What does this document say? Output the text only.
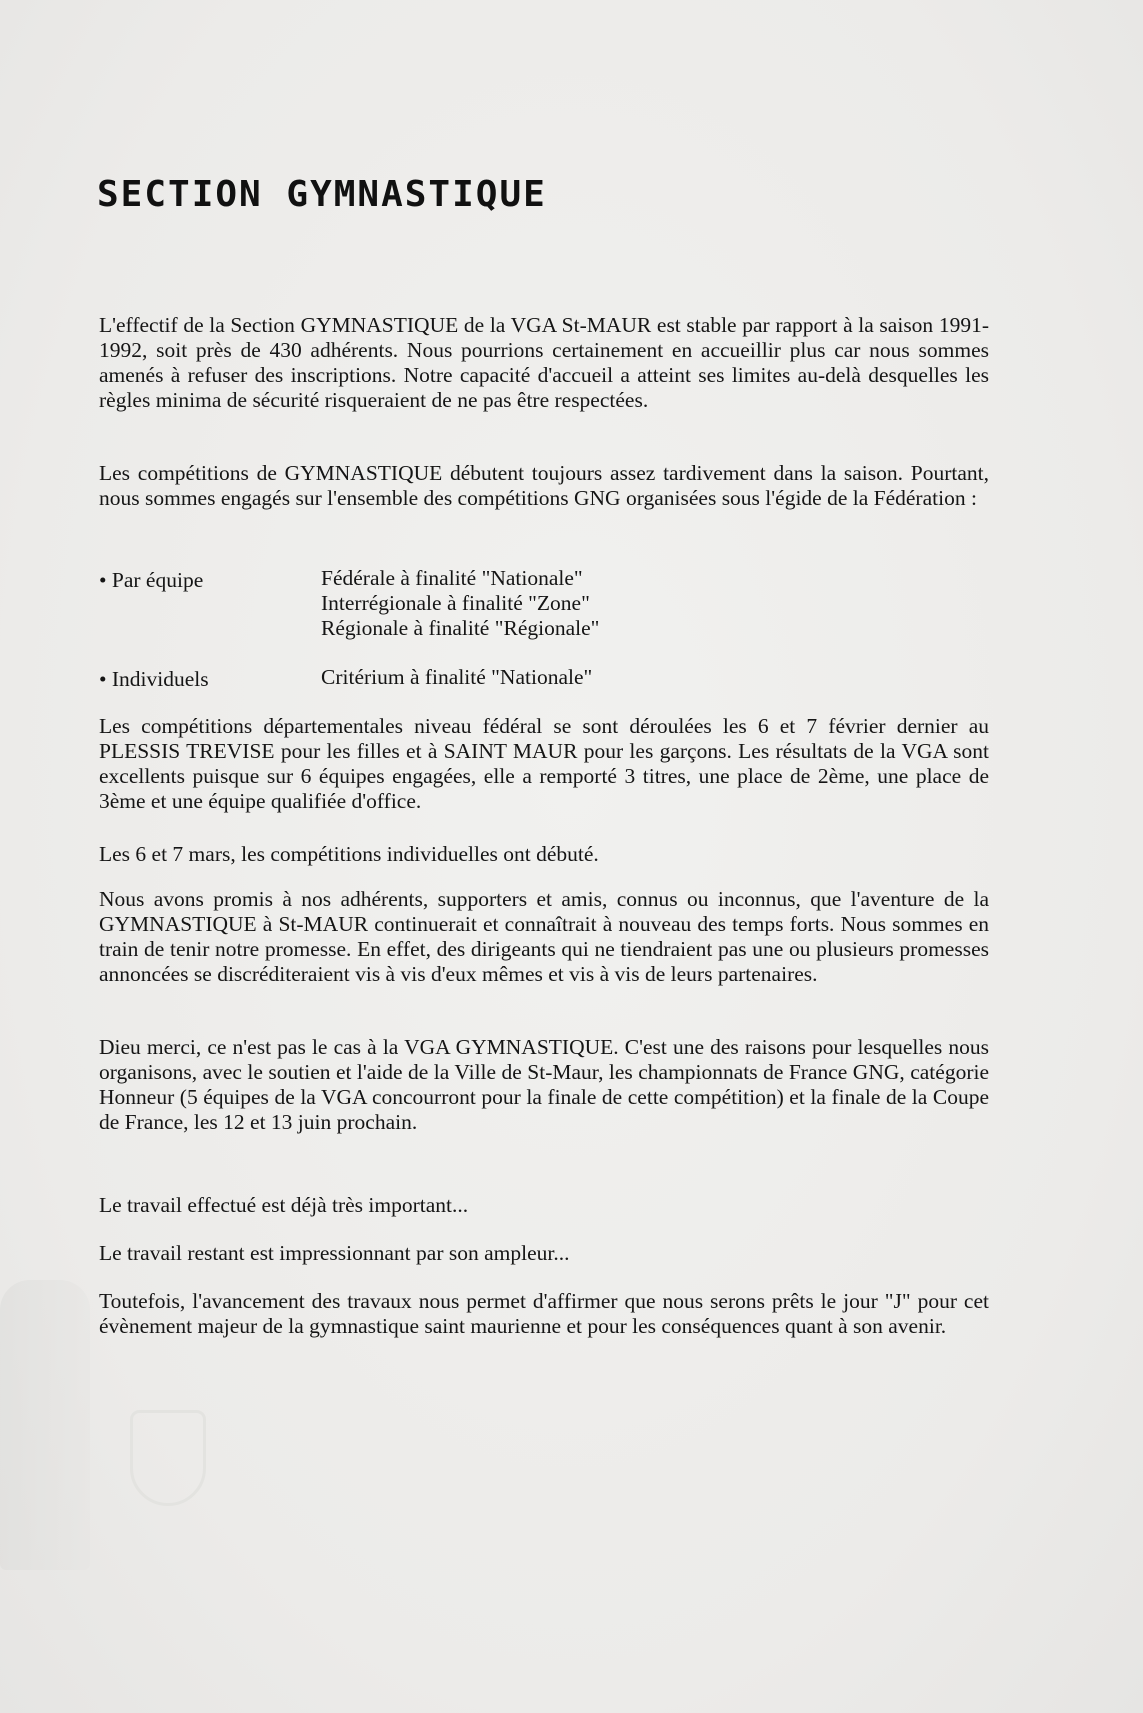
SECTION GYMNASTIQUE

L'effectif de la Section GYMNASTIQUE de la VGA St-MAUR est stable par rapport à la saison 1991-1992, soit près de 430 adhérents. Nous pourrions certainement en accueillir plus car nous sommes amenés à refuser des inscriptions. Notre capacité d'accueil a atteint ses limites au-delà desquelles les règles minima de sécurité risqueraient de ne pas être respectées.

Les compétitions de GYMNASTIQUE débutent toujours assez tardivement dans la saison. Pourtant, nous sommes engagés sur l'ensemble des compétitions GNG organisées sous l'égide de la Fédération :

• Par équipe	Fédérale à finalité "Nationale"
Interrégionale à finalité "Zone"
Régionale à finalité "Régionale"
• Individuels	Critérium à finalité "Nationale"

Les compétitions départementales niveau fédéral se sont déroulées les 6 et 7 février dernier au PLESSIS TREVISE pour les filles et à SAINT MAUR pour les garçons. Les résultats de la VGA sont excellents puisque sur 6 équipes engagées, elle a remporté 3 titres, une place de 2ème, une place de 3ème et une équipe qualifiée d'office.

Les 6 et 7 mars, les compétitions individuelles ont débuté.

Nous avons promis à nos adhérents, supporters et amis, connus ou inconnus, que l'aventure de la GYMNASTIQUE à St-MAUR continuerait et connaîtrait à nouveau des temps forts. Nous sommes en train de tenir notre promesse. En effet, des dirigeants qui ne tiendraient pas une ou plusieurs promesses annoncées se discréditeraient vis à vis d'eux mêmes et vis à vis de leurs partenaires.

Dieu merci, ce n'est pas le cas à la VGA GYMNASTIQUE. C'est une des raisons pour lesquelles nous organisons, avec le soutien et l'aide de la Ville de St-Maur, les championnats de France GNG, catégorie Honneur (5 équipes de la VGA concourront pour la finale de cette compétition) et la finale de la Coupe de France, les 12 et 13 juin prochain.

Le travail effectué est déjà très important...

Le travail restant est impressionnant par son ampleur...

Toutefois, l'avancement des travaux nous permet d'affirmer que nous serons prêts le jour "J" pour cet évènement majeur de la gymnastique saint maurienne et pour les conséquences quant à son avenir.
